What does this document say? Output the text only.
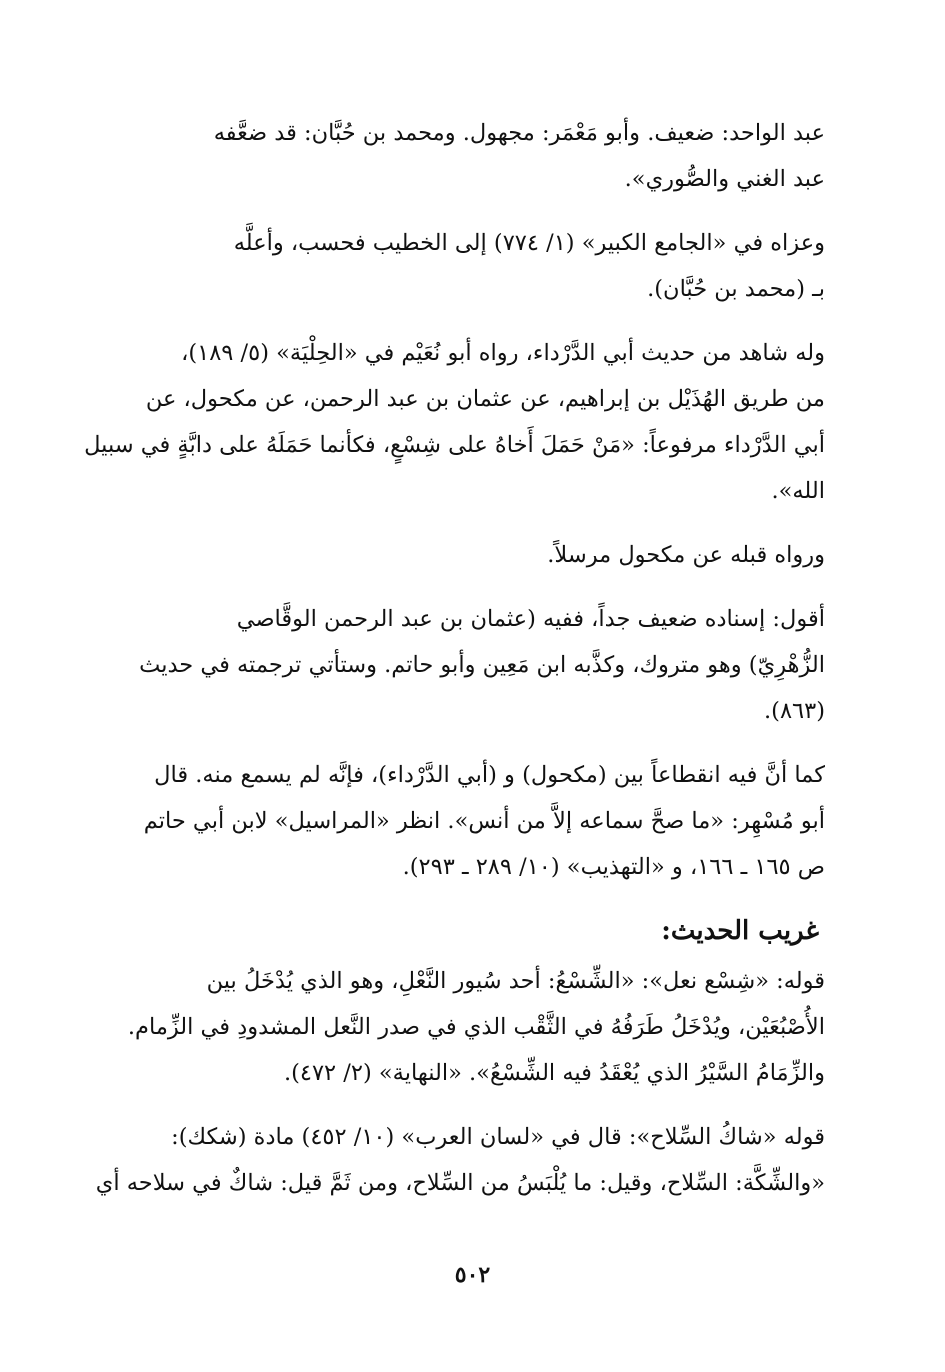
عبد الواحد: ضعيف. وأبو مَعْمَر: مجهول. ومحمد بن حُبَّان: قد ضعَّفه
عبد الغني والصُّوري».
وعزاه في «الجامع الكبير» (١/ ٧٧٤) إلى الخطيب فحسب، وأعلَّه
بـ (محمد بن حُبَّان).
وله شاهد من حديث أبي الدَّرْداء، رواه أبو نُعَيْم في «الحِلْيَة» (٥/ ١٨٩)،
من طريق الهُذَيْل بن إبراهيم، عن عثمان بن عبد الرحمن، عن مكحول، عن
أبي الدَّرْداء مرفوعاً: «مَنْ حَمَلَ أَخاهُ على شِسْعٍ، فكأنما حَمَلَهُ على دابَّةٍ في سبيل
الله».
ورواه قبله عن مكحول مرسلاً.
أقول: إسناده ضعيف جداً، ففيه (عثمان بن عبد الرحمن الوقَّاصي
الزُّهْرِيّ) وهو متروك، وكذَّبه ابن مَعِين وأبو حاتم. وستأتي ترجمته في حديث
(٨٦٣).
كما أنَّ فيه انقطاعاً بين (مكحول) و (أبي الدَّرْداء)، فإنَّه لم يسمع منه. قال
أبو مُسْهِر: «ما صحَّ سماعه إلاَّ من أنس». انظر «المراسيل» لابن أبي حاتم
ص ١٦٥ ـ ١٦٦، و «التهذيب» (١٠/ ٢٨٩ ـ ٢٩٣).
غريب الحديث:
قوله: «شِسْع نعل»: «الشِّسْعُ: أحد سُيور النَّعْلِ، وهو الذي يُدْخَلُ بين
الأُصْبُعَيْن، ويُدْخَلُ طَرَفُهُ في الثَّقْب الذي في صدر النَّعل المشدودِ في الزِّمام.
والزِّمَامُ السَّيْرُ الذي يُعْقَدُ فيه الشِّسْعُ». «النهاية» (٢/ ٤٧٢).
قوله «شاكُ السِّلاح»: قال في «لسان العرب» (١٠/ ٤٥٢) مادة (شكك):
«والشِّكَّة: السِّلاح، وقيل: ما يُلْبَسُ من السِّلاح، ومن ثَمَّ قيل: شاكٌ في سلاحه أي
٥٠٢
